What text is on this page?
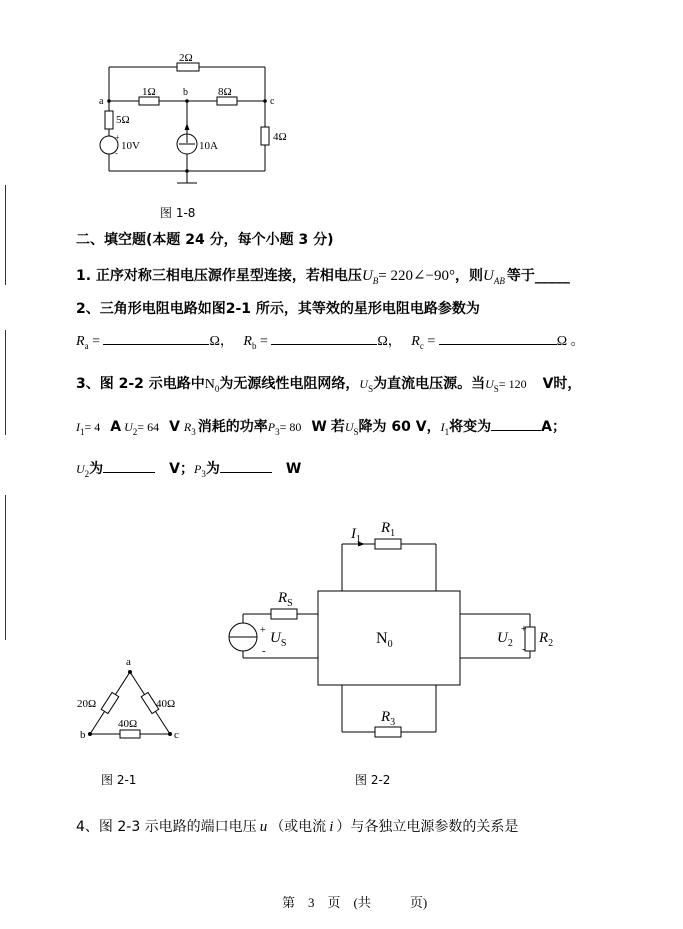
+
-
2Ω
1Ω	8Ω
a
b
c
5Ω
10V	10A
4Ω
图 1-8
二、填空题(本题 24 分，每个小题 3 分)
1. 正序对称三相电压源作星型连接，若相电压$U_B=$ 220∠−90°，则$U_{AB}$ 等于_____
2、三角形电阻电路如图2-1 所示，其等效的星形电阻电路参数为
$R_a$ =	Ω， $R_b$ =	Ω， $R_c$ =	Ω 。
3、图 2-2 示电路中$N_0$为无源线性电阻网络，$U_S$为直流电压源。当$U_S= 120$ V时，
$I_1= 4$ A $U_2= 64$ V $R_3$ 消耗的功率$P_3= 80$ W 若$U_S$降为 60 V，$I_1$将变为	A；
$U_2$为	V；$P_3$为	W
a
b	c
20Ω	40Ω
40Ω
图 2-1
+
-
+
-
$I_1$
$R_1$
$R_S$
$U_S$	$N_0$	$U_2$ $R_2$
$R_3$
图 2-2
4、图 2-3 示电路的端口电压 u （或电流 i ）与各独立电源参数的关系是
第　3　页　(共　　　页)
